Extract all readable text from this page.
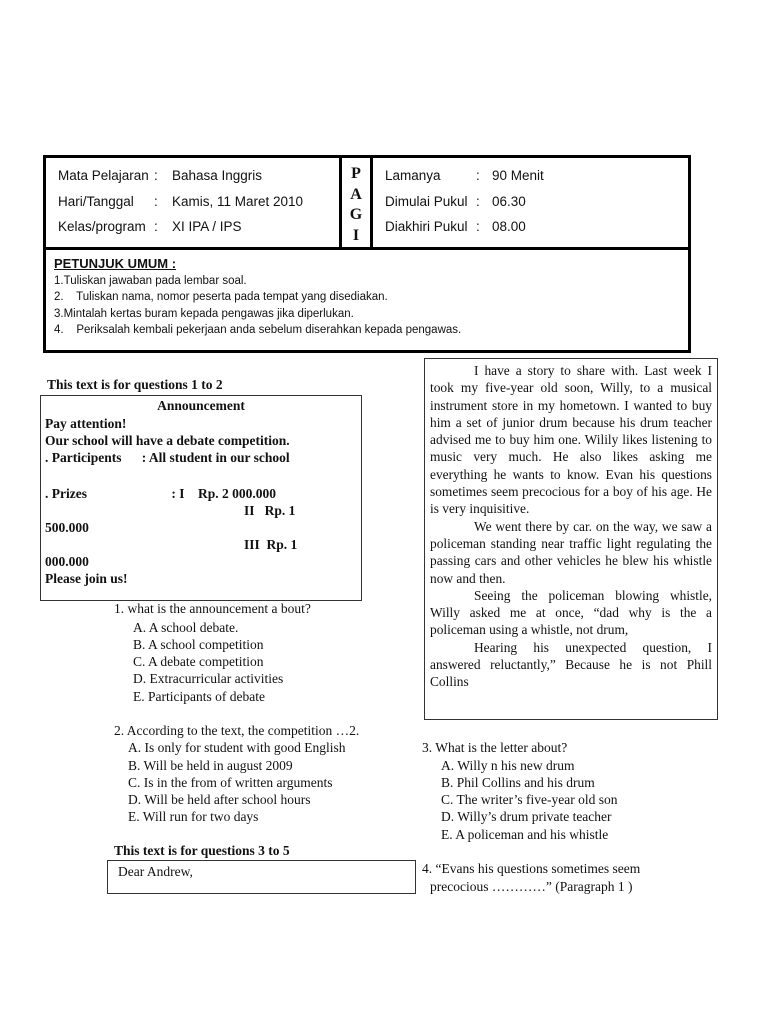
Mata Pelajaran : Bahasa Inggris
Hari/Tanggal : Kamis, 11 Maret 2010
Kelas/program : XI IPA / IPS
P
A
G
I
Lamanya	: 90 Menit
Dimulai Pukul : 06.30
Diakhiri Pukul : 08.00
PETUNJUK UMUM :
1.Tuliskan jawaban pada lembar soal.
2.    Tuliskan nama, nomor peserta pada tempat yang disediakan.
3.Mintalah kertas buram kepada pengawas jika diperlukan.
4.    Periksalah kembali pekerjaan anda sebelum diserahkan kepada pengawas.
This text is for questions 1 to 2
Announcement
Pay attention!
Our school will have a debate competition.
. Participents      : All student in our school
. Prizes                         : I    Rp. 2 000.000
II   Rp. 1
500.000
III  Rp. 1
000.000
Please join us!
1. what is the announcement a bout?
A. A school debate.
B. A school competition
C. A debate competition
D. Extracurricular activities
E. Participants of debate
2. According to the text, the competition …2.
A. Is only for student with good English
B. Will be held in august 2009
C. Is in the from of written arguments
D. Will be held after school hours
E. Will run for two days
This text is for questions 3 to 5
Dear Andrew,

I have a story to share with. Last week I took my five-year old soon, Willy, to a musical instrument store in my hometown. I wanted to buy him a set of junior drum because his drum teacher advised me to buy him one. Wilily likes listening to music very much. He also likes asking me everything he wants to know. Evan his questions sometimes seem precocious for a boy of his age. He is very inquisitive.

We went there by car. on the way, we saw a policeman standing near traffic light regulating the passing cars and other vehicles he blew his whistle now and then.

Seeing the policeman blowing whistle, Willy asked me at once, “dad why is the a policeman using a whistle, not drum,

Hearing his unexpected question, I answered reluctantly,” Because he is not Phill Collins

3. What is the letter about?
A. Willy n his new drum
B. Phil Collins and his drum
C. The writer’s five-year old son
D. Willy’s drum private teacher
E. A policeman and his whistle
4. “Evans his questions sometimes seem
precocious …………” (Paragraph 1 )
